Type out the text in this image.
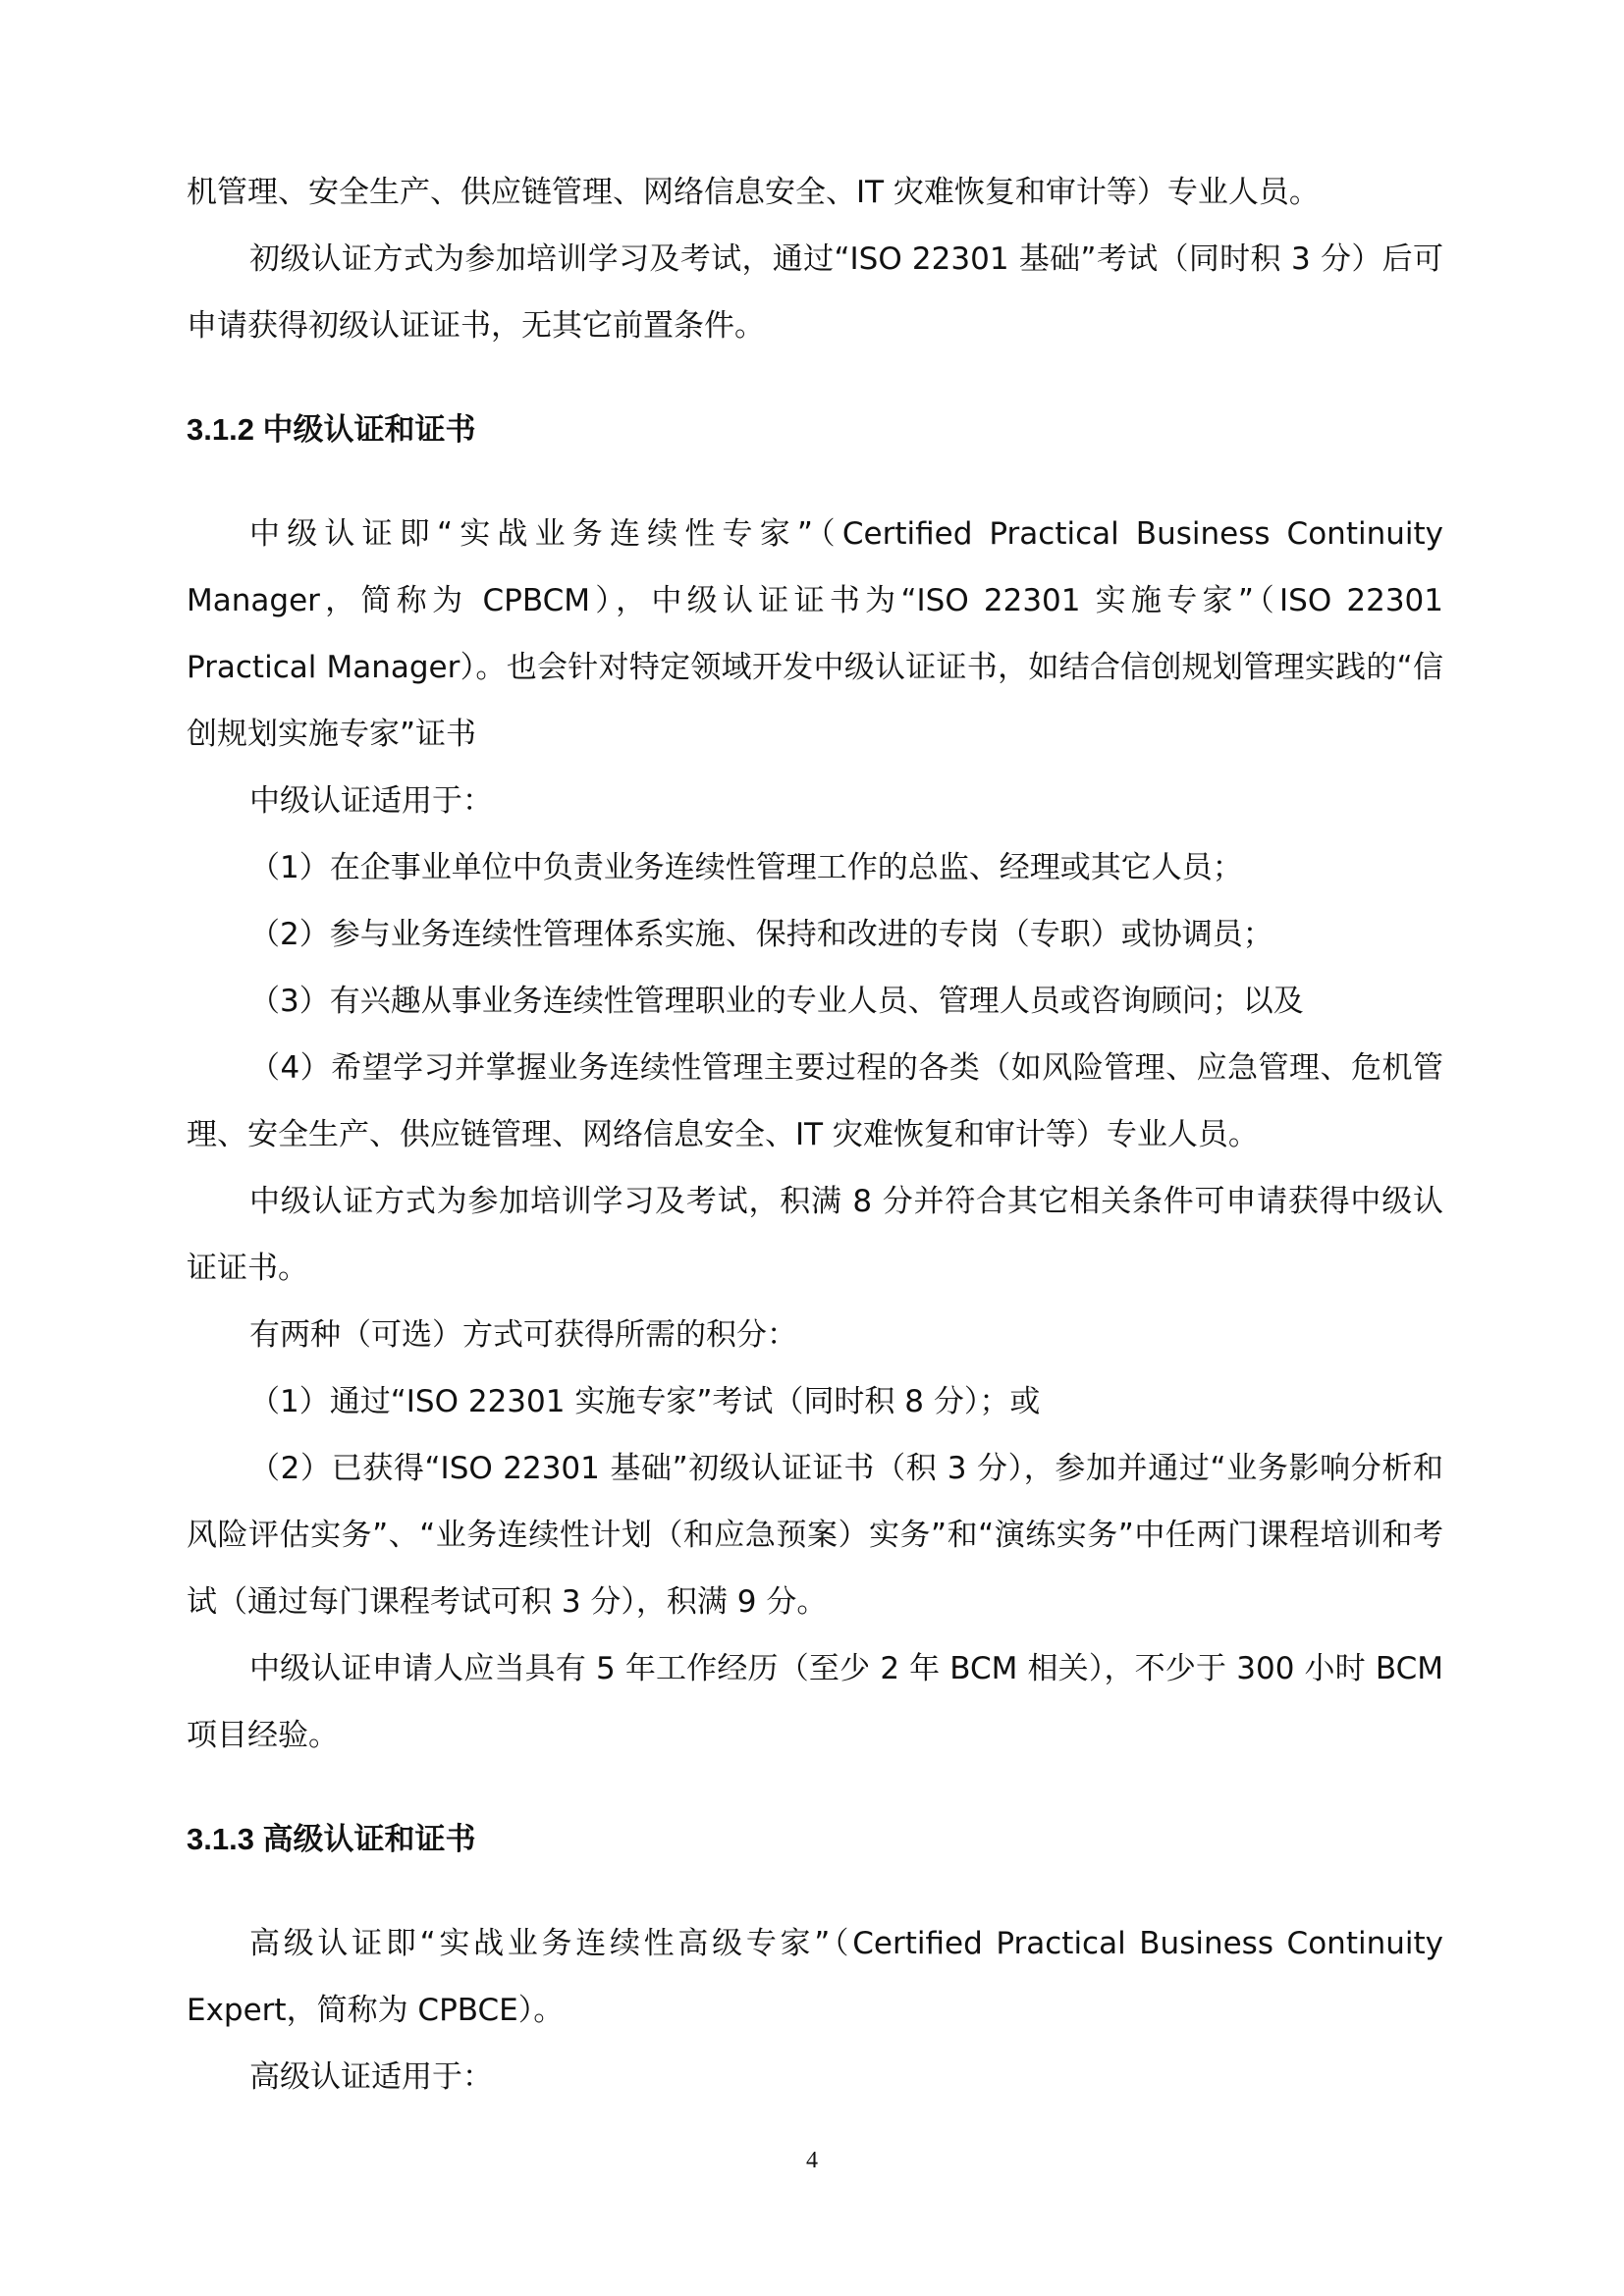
机管理、安全生产、供应链管理、网络信息安全、IT 灾难恢复和审计等）专业人员。

初级认证方式为参加培训学习及考试，通过“ISO 22301 基础”考试（同时积 3 分）后可申请获得初级认证证书，无其它前置条件。

3.1.2 中级认证和证书

中级认证即“实战业务连续性专家”（Certified Practical Business Continuity Manager，简称为 CPBCM），中级认证证书为“ISO 22301 实施专家”（ISO 22301 Practical Manager）。也会针对特定领域开发中级认证证书，如结合信创规划管理实践的“信创规划实施专家”证书

中级认证适用于：

（1）在企事业单位中负责业务连续性管理工作的总监、经理或其它人员；

（2）参与业务连续性管理体系实施、保持和改进的专岗（专职）或协调员；

（3）有兴趣从事业务连续性管理职业的专业人员、管理人员或咨询顾问；以及

（4）希望学习并掌握业务连续性管理主要过程的各类（如风险管理、应急管理、危机管理、安全生产、供应链管理、网络信息安全、IT 灾难恢复和审计等）专业人员。

中级认证方式为参加培训学习及考试，积满 8 分并符合其它相关条件可申请获得中级认证证书。

有两种（可选）方式可获得所需的积分：

（1）通过“ISO 22301 实施专家”考试（同时积 8 分）；或

（2）已获得“ISO 22301 基础”初级认证证书（积 3 分），参加并通过“业务影响分析和风险评估实务”、“业务连续性计划（和应急预案）实务”和“演练实务”中任两门课程培训和考试（通过每门课程考试可积 3 分），积满 9 分。

中级认证申请人应当具有 5 年工作经历（至少 2 年 BCM 相关），不少于 300 小时 BCM 项目经验。

3.1.3 高级认证和证书

高级认证即“实战业务连续性高级专家”（Certified Practical Business Continuity Expert，简称为 CPBCE）。

高级认证适用于：

4
